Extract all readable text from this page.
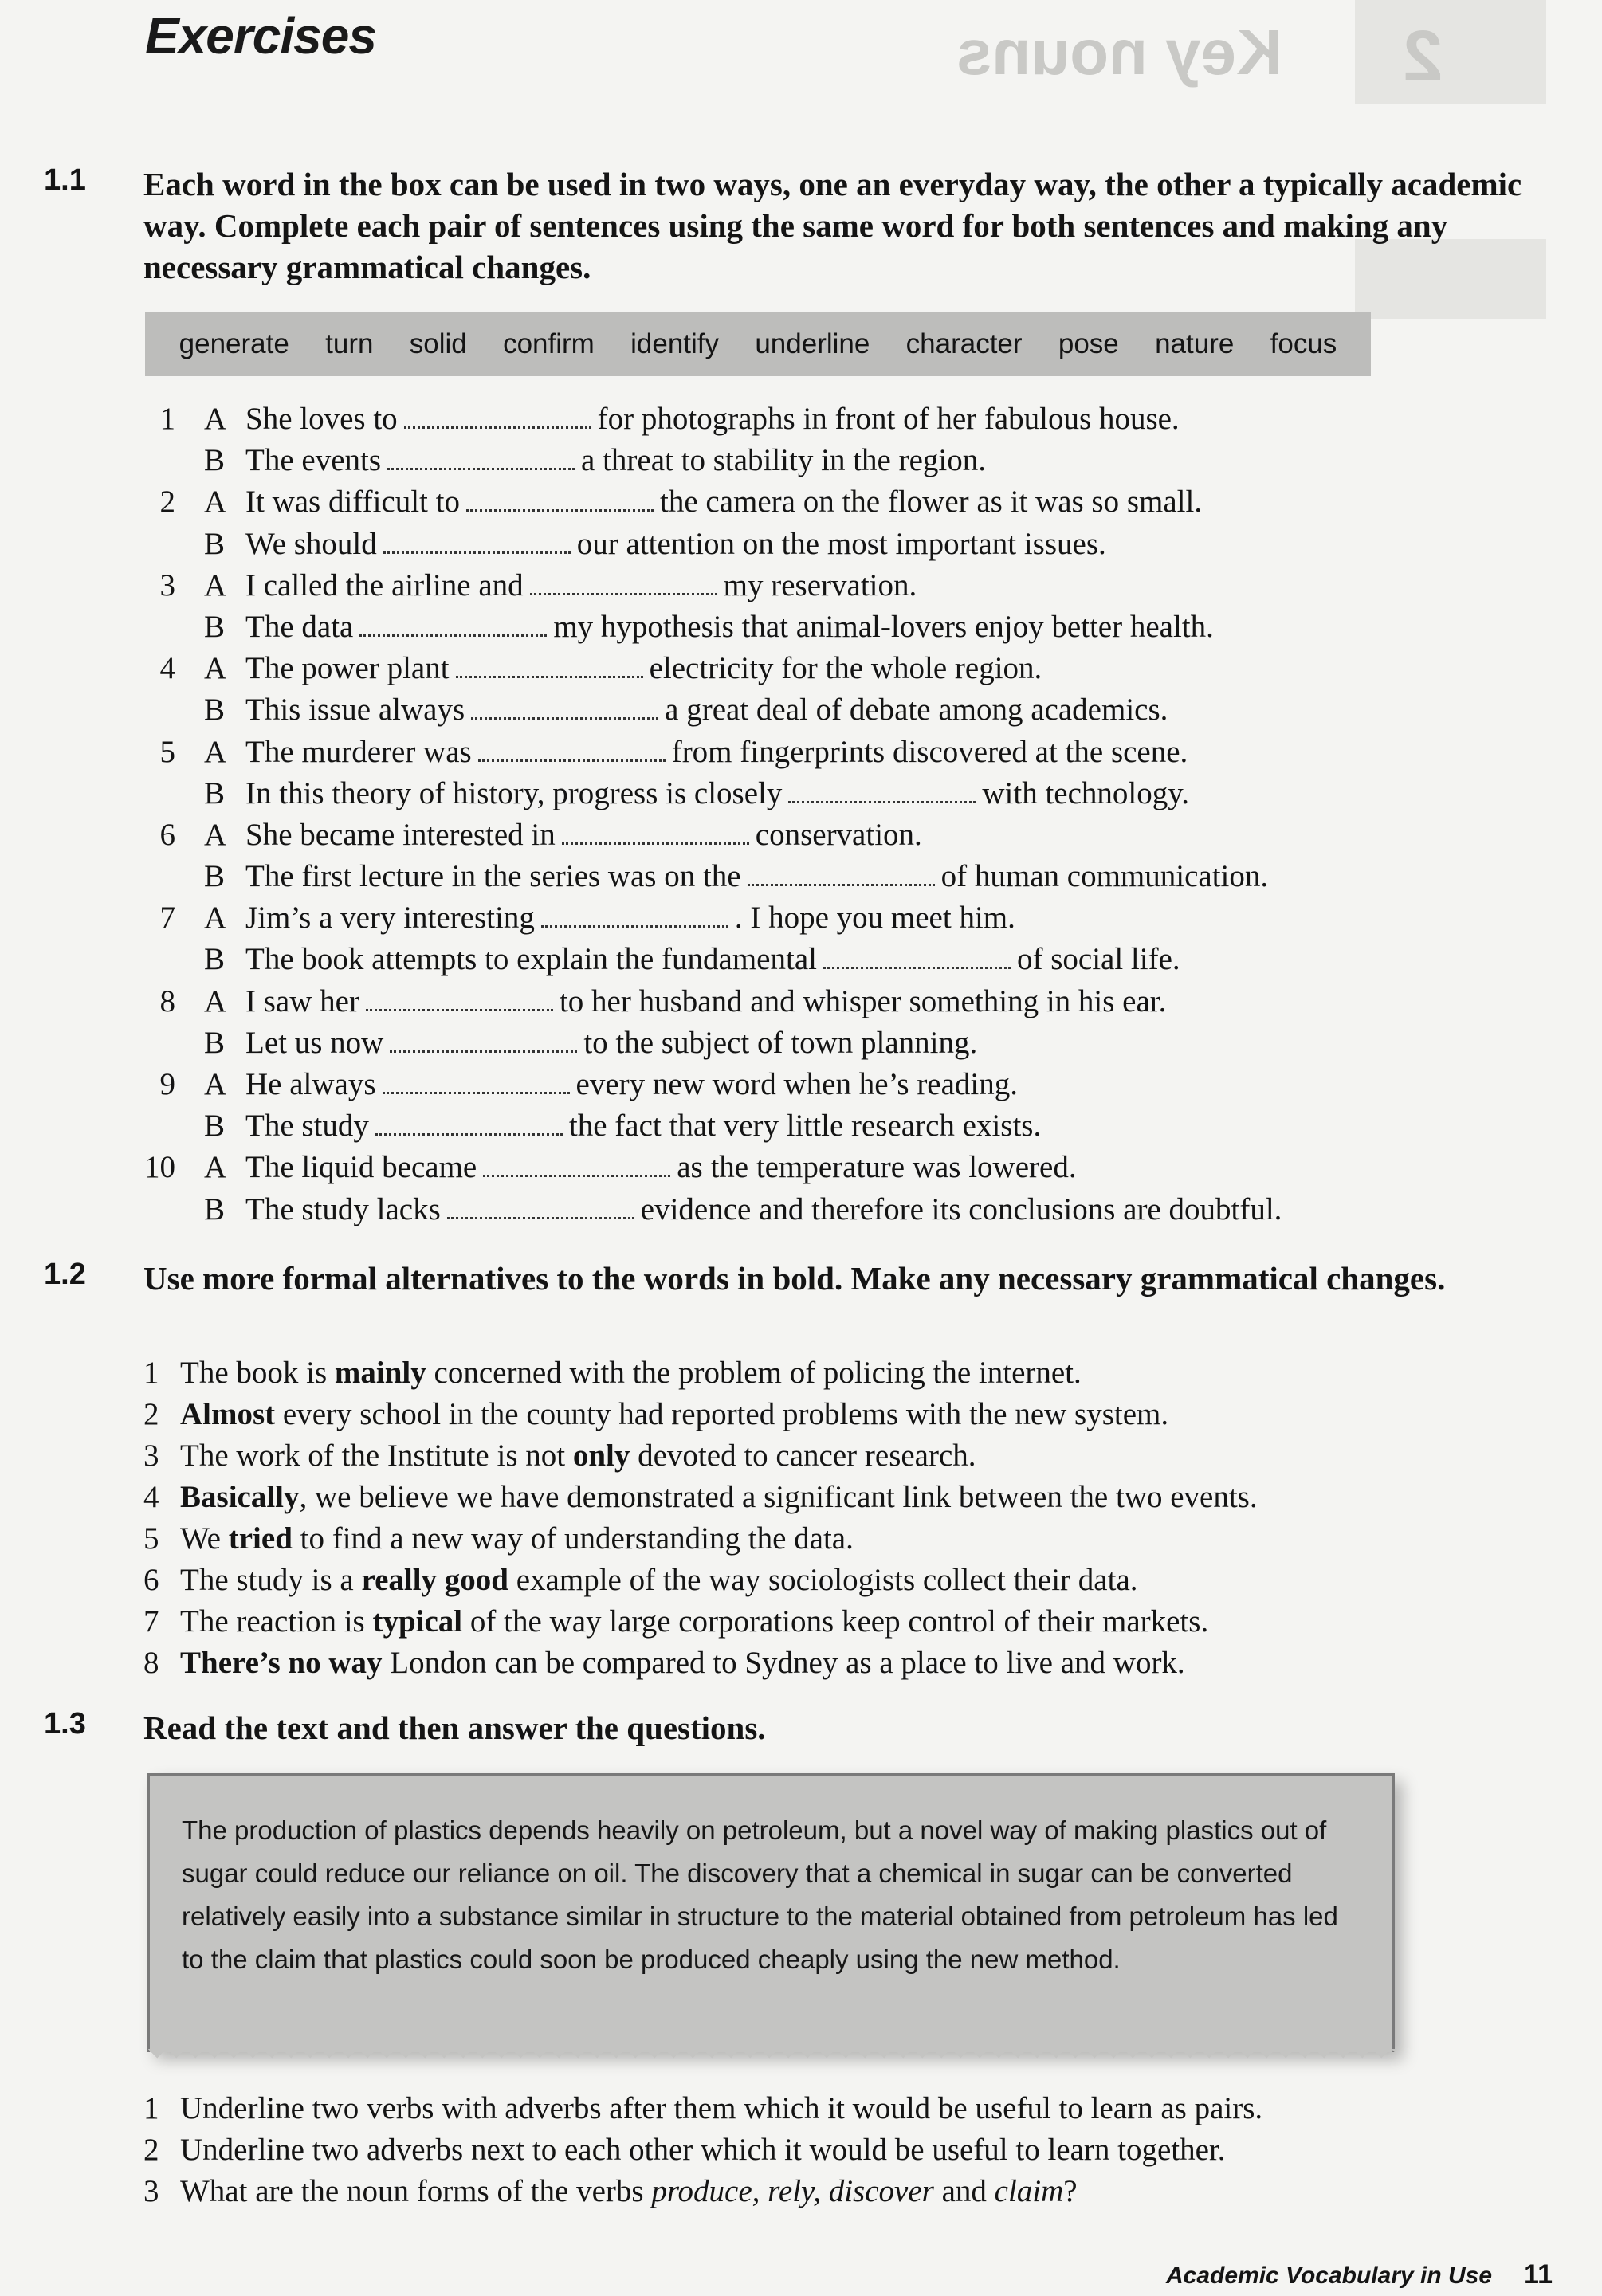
Key nouns 2
Exercises
1.1 Each word in the box can be used in two ways, one an everyday way, the other a typically academic way. Complete each pair of sentences using the same word for both sentences and making any necessary grammatical changes.

generate turn solid confirm identify underline character pose nature focus
1 A She loves to	for photographs in front of her fabulous house.
B The events	a threat to stability in the region.
2 A It was difficult to	the camera on the flower as it was so small.
B We should	our attention on the most important issues.
3 A I called the airline and	my reservation.
B The data	my hypothesis that animal-lovers enjoy better health.
4 A The power plant	electricity for the whole region.
B This issue always	a great deal of debate among academics.
5 A The murderer was	from fingerprints discovered at the scene.
B In this theory of history, progress is closely	with technology.
6 A She became interested in	conservation.
B The first lecture in the series was on the	of human communication.
7 A Jim’s a very interesting	. I hope you meet him.
B The book attempts to explain the fundamental	of social life.
8 A I saw her	to her husband and whisper something in his ear.
B Let us now	to the subject of town planning.
9 A He always	every new word when he’s reading.
B The study	the fact that very little research exists.
10 A The liquid became	as the temperature was lowered.
B The study lacks	evidence and therefore its conclusions are doubtful.
1.2 Use more formal alternatives to the words in bold. Make any necessary grammatical changes.

1 The book is mainly concerned with the problem of policing the internet.
2 Almost every school in the county had reported problems with the new system.
3 The work of the Institute is not only devoted to cancer research.
4 Basically, we believe we have demonstrated a significant link between the two events.
5 We tried to find a new way of understanding the data.
6 The study is a really good example of the way sociologists collect their data.
7 The reaction is typical of the way large corporations keep control of their markets.
8 There’s no way London can be compared to Sydney as a place to live and work.
1.3 Read the text and then answer the questions.

The production of plastics depends heavily on petroleum, but a novel way of making plastics out of sugar could reduce our reliance on oil. The discovery that a chemical in sugar can be converted relatively easily into a substance similar in structure to the material obtained from petroleum has led to the claim that plastics could soon be produced cheaply using the new method.

1 Underline two verbs with adverbs after them which it would be useful to learn as pairs.
2 Underline two adverbs next to each other which it would be useful to learn together.
3 What are the noun forms of the verbs produce, rely, discover and claim?
Academic Vocabulary in Use 11
